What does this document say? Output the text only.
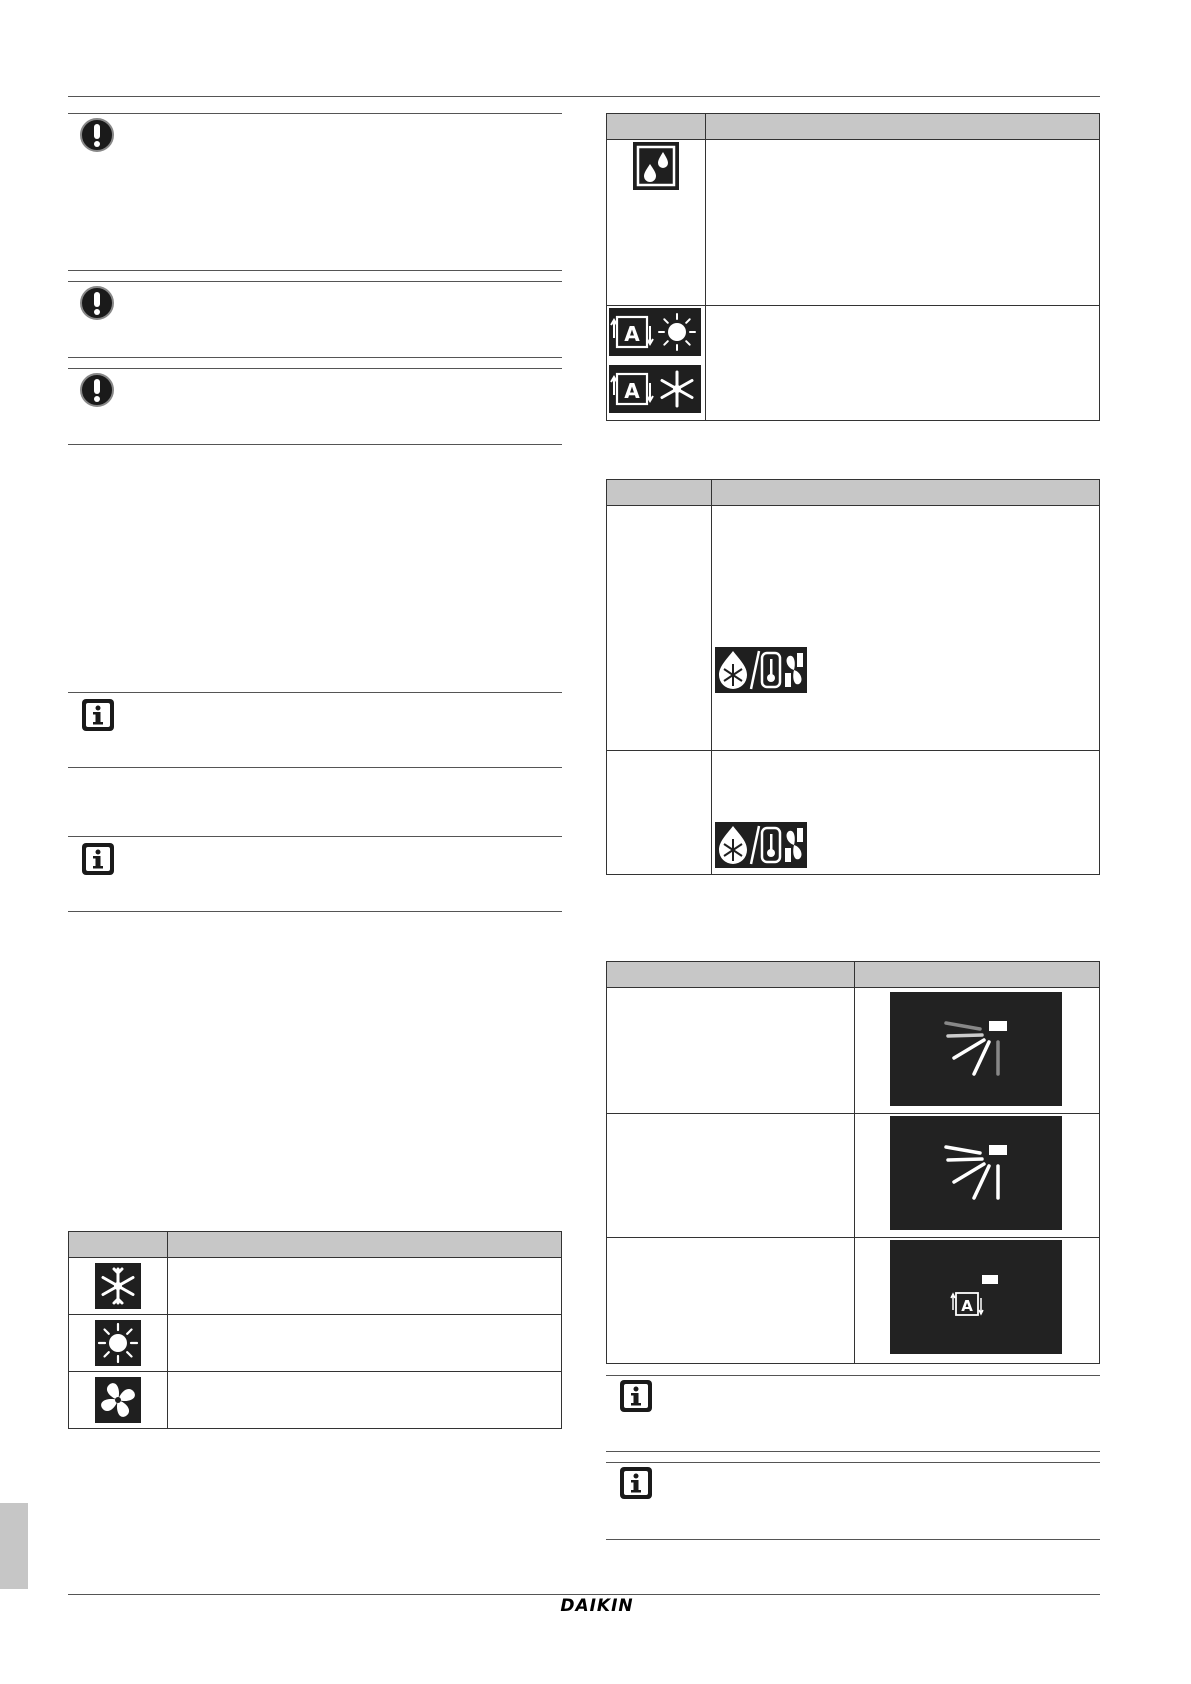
A
A
A
DAIKIN
